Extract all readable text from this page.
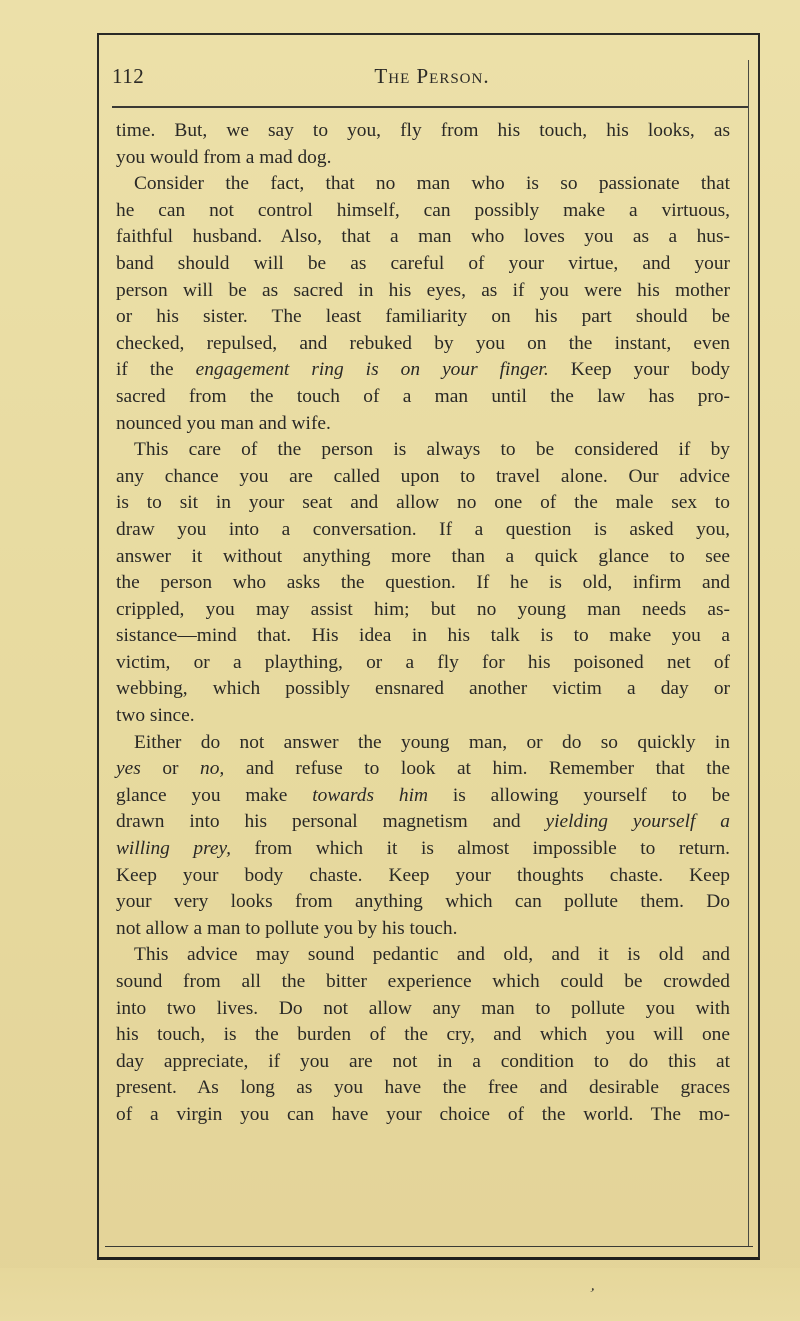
112	The Person.
time. But, we say to you, fly from his touch, his looks, as
you would from a mad dog.
Consider the fact, that no man who is so passionate that
he can not control himself, can possibly make a virtuous,
faithful husband. Also, that a man who loves you as a hus-
band should will be as careful of your virtue, and your
person will be as sacred in his eyes, as if you were his mother
or his sister. The least familiarity on his part should be
checked, repulsed, and rebuked by you on the instant, even
if the engagement ring is on your finger. Keep your body
sacred from the touch of a man until the law has pro-
nounced you man and wife.
This care of the person is always to be considered if by
any chance you are called upon to travel alone. Our advice
is to sit in your seat and allow no one of the male sex to
draw you into a conversation. If a question is asked you,
answer it without anything more than a quick glance to see
the person who asks the question. If he is old, infirm and
crippled, you may assist him; but no young man needs as-
sistance—mind that. His idea in his talk is to make you a
victim, or a plaything, or a fly for his poisoned net of
webbing, which possibly ensnared another victim a day or
two since.
Either do not answer the young man, or do so quickly in
yes or no, and refuse to look at him. Remember that the
glance you make towards him is allowing yourself to be
drawn into his personal magnetism and yielding yourself a
willing prey, from which it is almost impossible to return.
Keep your body chaste. Keep your thoughts chaste. Keep
your very looks from anything which can pollute them. Do
not allow a man to pollute you by his touch.
This advice may sound pedantic and old, and it is old and
sound from all the bitter experience which could be crowded
into two lives. Do not allow any man to pollute you with
his touch, is the burden of the cry, and which you will one
day appreciate, if you are not in a condition to do this at
present. As long as you have the free and desirable graces
of a virgin you can have your choice of the world. The mo-
,
